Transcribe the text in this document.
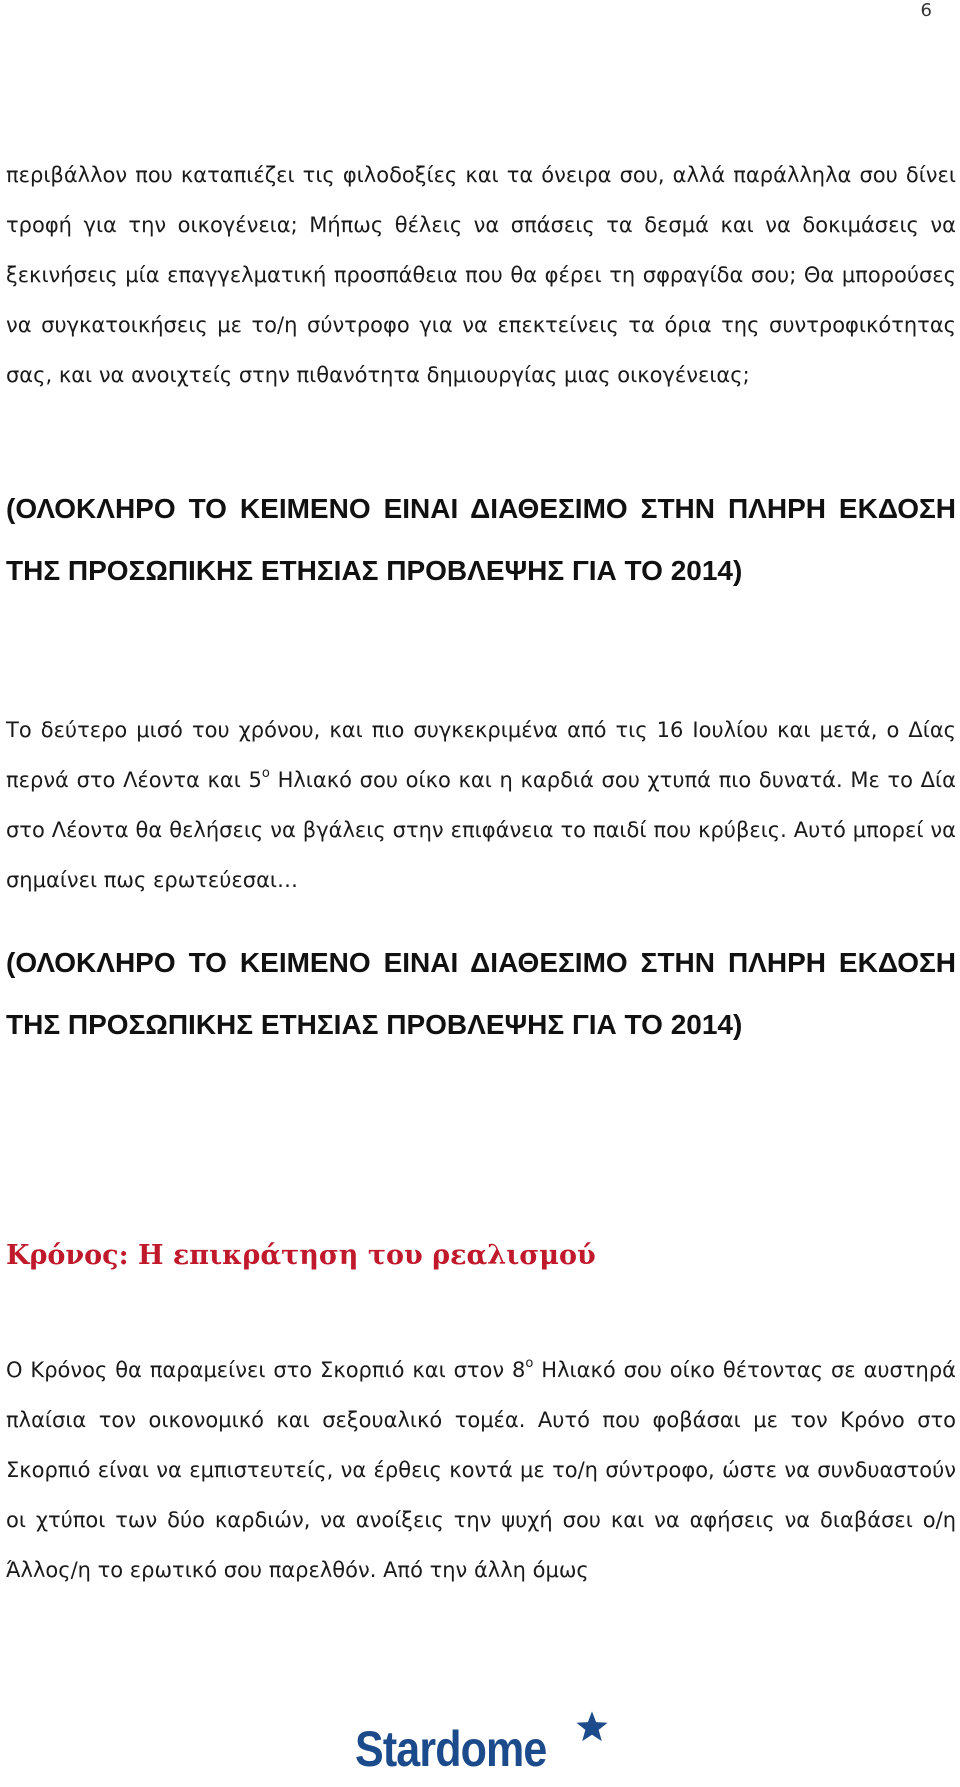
6

περιβάλλον που καταπιέζει τις φιλοδοξίες και τα όνειρα σου, αλλά παράλληλα σου δίνει τροφή για την οικογένεια; Μήπως θέλεις να σπάσεις τα δεσμά και να δοκιμάσεις να ξεκινήσεις μία επαγγελματική προσπάθεια που θα φέρει τη σφραγίδα σου; Θα μπορούσες να συγκατοικήσεις με το/η σύντροφο για να επεκτείνεις τα όρια της συντροφικότητας σας, και να ανοιχτείς στην πιθανότητα δημιουργίας μιας οικογένειας;

(ΟΛΟΚΛΗΡΟ ΤΟ ΚΕΙΜΕΝΟ ΕΙΝΑΙ ΔΙΑΘΕΣΙΜΟ ΣΤΗΝ ΠΛΗΡΗ ΕΚΔΟΣΗ ΤΗΣ ΠΡΟΣΩΠΙΚΗΣ ΕΤΗΣΙΑΣ ΠΡΟΒΛΕΨΗΣ ΓΙΑ ΤΟ 2014)

Το δεύτερο μισό του χρόνου, και πιο συγκεκριμένα από τις 16 Ιουλίου και μετά, ο Δίας περνά στο Λέοντα και $5^o$ Ηλιακό σου οίκο και η καρδιά σου χτυπά πιο δυνατά. Με το Δία στο Λέοντα θα θελήσεις να βγάλεις στην επιφάνεια το παιδί που κρύβεις. Αυτό μπορεί να σημαίνει πως ερωτεύεσαι…

(ΟΛΟΚΛΗΡΟ ΤΟ ΚΕΙΜΕΝΟ ΕΙΝΑΙ ΔΙΑΘΕΣΙΜΟ ΣΤΗΝ ΠΛΗΡΗ ΕΚΔΟΣΗ ΤΗΣ ΠΡΟΣΩΠΙΚΗΣ ΕΤΗΣΙΑΣ ΠΡΟΒΛΕΨΗΣ ΓΙΑ ΤΟ 2014)

Κρόνος: Η επικράτηση του ρεαλισμού

Ο Κρόνος θα παραμείνει στο Σκορπιό και στον $8^o$ Ηλιακό σου οίκο θέτοντας σε αυστηρά πλαίσια τον οικονομικό και σεξουαλικό τομέα. Αυτό που φοβάσαι με τον Κρόνο στο Σκορπιό είναι να εμπιστευτείς, να έρθεις κοντά με το/η σύντροφο, ώστε να συνδυαστούν οι χτύποι των δύο καρδιών, να ανοίξεις την ψυχή σου και να αφήσεις να διαβάσει ο/η Άλλος/η το ερωτικό σου παρελθόν. Από την άλλη όμως

Stardome
